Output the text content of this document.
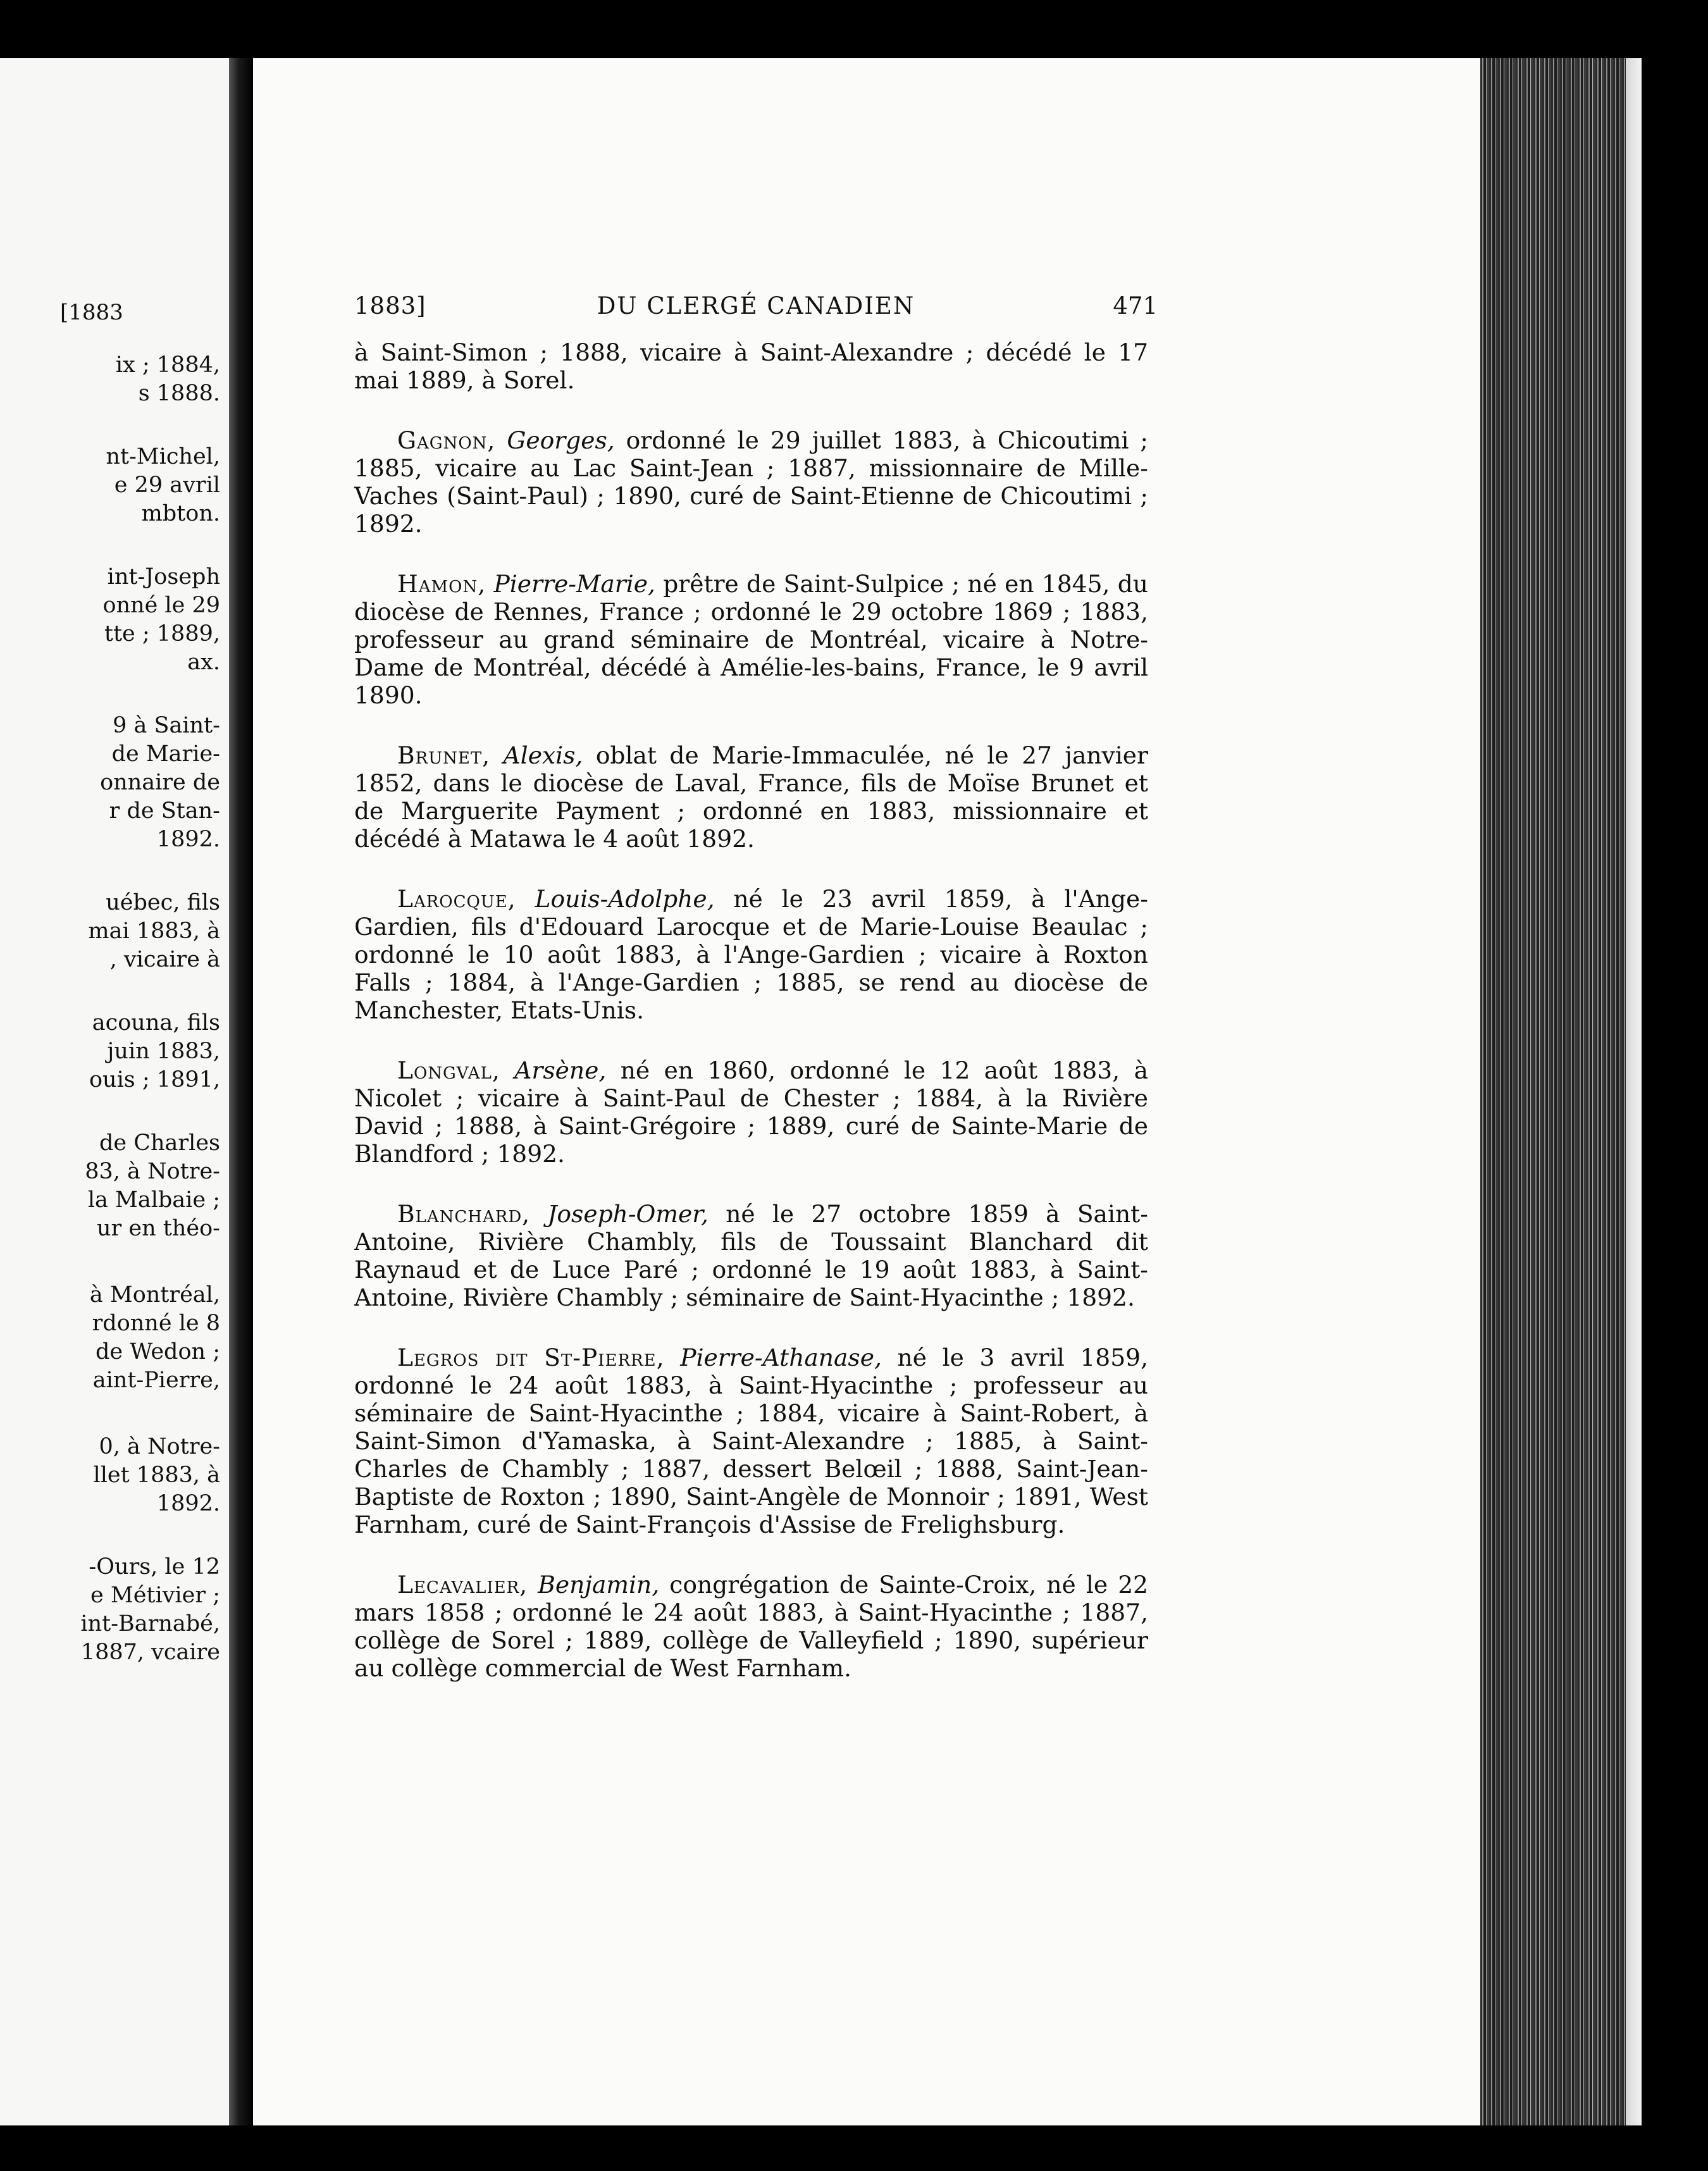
[1883
ix ; 1884,
s 1888.
nt-Michel,
e 29 avril
mbton.
int-Joseph
onné le 29
tte ; 1889,
ax.
9 à Saint-
de Marie-
onnaire de
r de Stan-
1892.
uébec, fils
mai 1883, à
, vicaire à
acouna, fils
juin 1883,
ouis ; 1891,
de Charles
83, à Notre-
la Malbaie ;
ur en théo-
à Montréal,
rdonné le 8
de Wedon ;
aint-Pierre,
0, à Notre-
llet 1883, à
1892.
-Ours, le 12
e Métivier ;
int-Barnabé,
1887, vcaire
1883]	DU CLERGÉ CANADIEN	471

à Saint-Simon ; 1888, vicaire à Saint-Alexandre ; décédé le 17 mai 1889, à Sorel.

Gagnon, Georges, ordonné le 29 juillet 1883, à Chicoutimi ; 1885, vicaire au Lac Saint-Jean ; 1887, missionnaire de Mille-Vaches (Saint-Paul) ; 1890, curé de Saint-Etienne de Chicoutimi ; 1892.

Hamon, Pierre-Marie, prêtre de Saint-Sulpice ; né en 1845, du diocèse de Rennes, France ; ordonné le 29 octobre 1869 ; 1883, professeur au grand séminaire de Montréal, vicaire à Notre-Dame de Montréal, décédé à Amélie-les-bains, France, le 9 avril 1890.

Brunet, Alexis, oblat de Marie-Immaculée, né le 27 janvier 1852, dans le diocèse de Laval, France, fils de Moïse Brunet et de Marguerite Payment ; ordonné en 1883, missionnaire et décédé à Matawa le 4 août 1892.

Larocque, Louis-Adolphe, né le 23 avril 1859, à l'Ange-Gardien, fils d'Edouard Larocque et de Marie-Louise Beaulac ; ordonné le 10 août 1883, à l'Ange-Gardien ; vicaire à Roxton Falls ; 1884, à l'Ange-Gardien ; 1885, se rend au diocèse de Manchester, Etats-Unis.

Longval, Arsène, né en 1860, ordonné le 12 août 1883, à Nicolet ; vicaire à Saint-Paul de Chester ; 1884, à la Rivière David ; 1888, à Saint-Grégoire ; 1889, curé de Sainte-Marie de Blandford ; 1892.

Blanchard, Joseph-Omer, né le 27 octobre 1859 à Saint-Antoine, Rivière Chambly, fils de Toussaint Blanchard dit Raynaud et de Luce Paré ; ordonné le 19 août 1883, à Saint-Antoine, Rivière Chambly ; séminaire de Saint-Hyacinthe ; 1892.

Legros dit St-Pierre, Pierre-Athanase, né le 3 avril 1859, ordonné le 24 août 1883, à Saint-Hyacinthe ; professeur au séminaire de Saint-Hyacinthe ; 1884, vicaire à Saint-Robert, à Saint-Simon d'Yamaska, à Saint-Alexandre ; 1885, à Saint-Charles de Chambly ; 1887, dessert Belœil ; 1888, Saint-Jean-Baptiste de Roxton ; 1890, Saint-Angèle de Monnoir ; 1891, West Farnham, curé de Saint-François d'Assise de Frelighsburg.

Lecavalier, Benjamin, congrégation de Sainte-Croix, né le 22 mars 1858 ; ordonné le 24 août 1883, à Saint-Hyacinthe ; 1887, collège de Sorel ; 1889, collège de Valleyfield ; 1890, supérieur au collège commercial de West Farnham.
